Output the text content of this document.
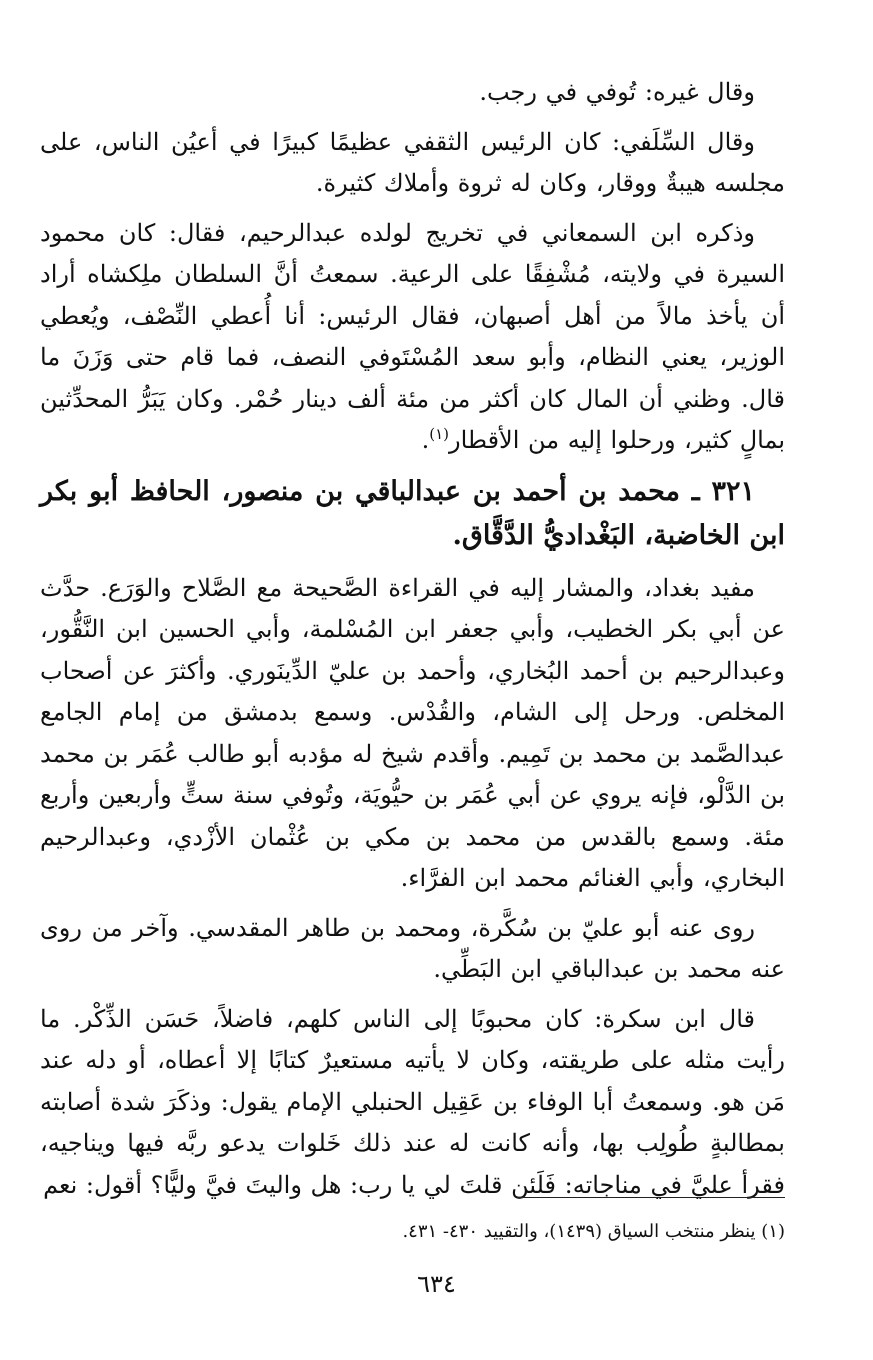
وقال غيره: تُوفي في رجب.

وقال السِّلَفي: كان الرئيس الثقفي عظيمًا كبيرًا في أعيُن الناس، على مجلسه هيبةٌ ووقار، وكان له ثروة وأملاك كثيرة.

وذكره ابن السمعاني في تخريج لولده عبدالرحيم، فقال: كان محمود السيرة في ولايته، مُشْفِقًا على الرعية. سمعتُ أنَّ السلطان ملِكشاه أراد أن يأخذ مالاً من أهل أصبهان، فقال الرئيس: أنا أُعطي النِّصْف، ويُعطي الوزير، يعني النظام، وأبو سعد المُسْتَوفي النصف، فما قام حتى وَزَنَ ما قال. وظني أن المال كان أكثر من مئة ألف دينار حُمْر. وكان يَبَرُّ المحدِّثين بمالٍ كثير، ورحلوا إليه من الأقطار$^{(١)}$.

٣٢١ ـ محمد بن أحمد بن عبدالباقي بن منصور، الحافظ أبو بكر ابن الخاضبة، البَغْداديُّ الدَّقَّاق.

مفيد بغداد، والمشار إليه في القراءة الصَّحيحة مع الصَّلاح والوَرَع. حدَّث عن أبي بكر الخطيب، وأبي جعفر ابن المُسْلمة، وأبي الحسين ابن النَّقُّور، وعبدالرحيم بن أحمد البُخاري، وأحمد بن عليّ الدِّينَوري. وأكثرَ عن أصحاب المخلص. ورحل إلى الشام، والقُدْس. وسمع بدمشق من إمام الجامع عبدالصَّمد بن محمد بن تَمِيم. وأقدم شيخ له مؤدبه أبو طالب عُمَر بن محمد بن الدَّلْو، فإنه يروي عن أبي عُمَر بن حيُّويَة، وتُوفي سنة ستٍّ وأربعين وأربع مئة. وسمع بالقدس من محمد بن مكي بن عُثْمان الأزْدي، وعبدالرحيم البخاري، وأبي الغنائم محمد ابن الفرَّاء.

روى عنه أبو عليّ بن سُكَّرة، ومحمد بن طاهر المقدسي. وآخر من روى عنه محمد بن عبدالباقي ابن البَطِّي.

قال ابن سكرة: كان محبوبًا إلى الناس كلهم، فاضلاً، حَسَن الذِّكْر. ما رأيت مثله على طريقته، وكان لا يأتيه مستعيرٌ كتابًا إلا أعطاه، أو دله عند مَن هو. وسمعتُ أبا الوفاء بن عَقِيل الحنبلي الإمام يقول: وذكَرَ شدة أصابته بمطالبةٍ طُولِب بها، وأنه كانت له عند ذلك خَلوات يدعو ربَّه فيها ويناجيه، فقرأ عليَّ في مناجاته: فَلَئن قلتَ لي يا رب: هل واليتَ فيَّ وليًّا؟ أقول: نعم

(١) ينظر منتخب السياق (١٤٣٩)، والتقييد ٤٣٠- ٤٣١.
٦٣٤
